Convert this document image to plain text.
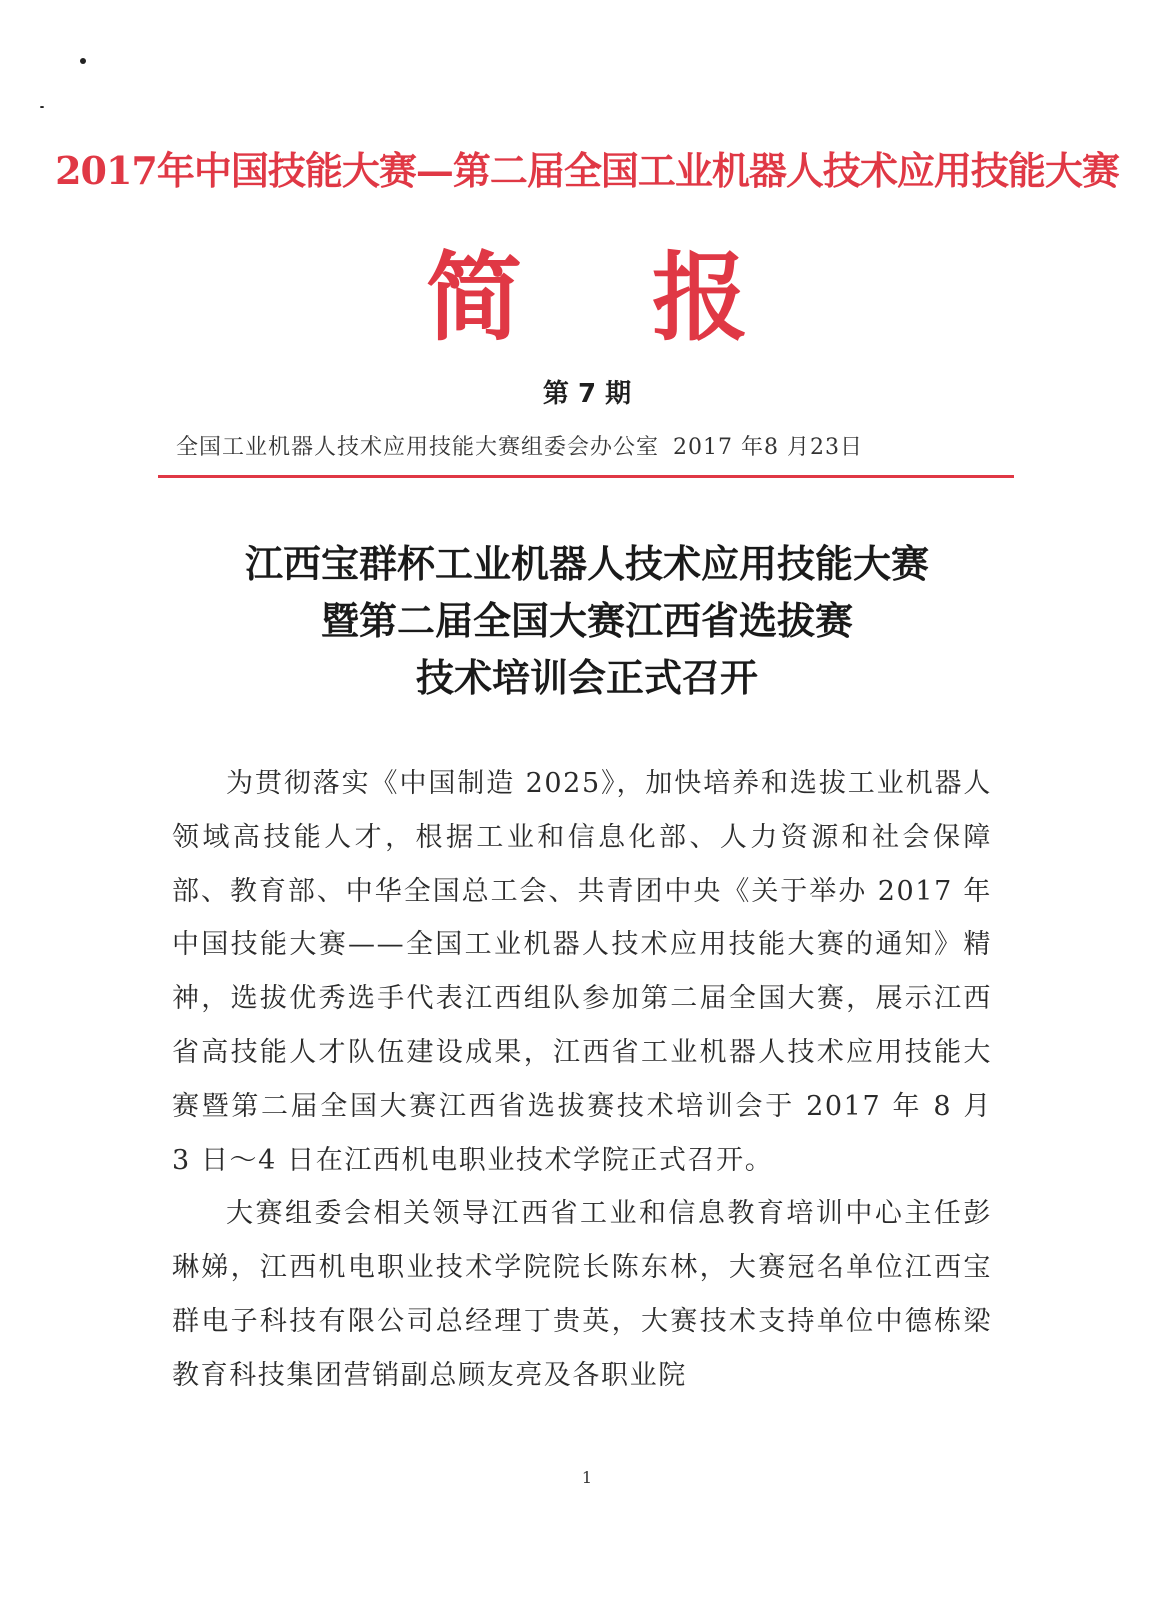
2017年中国技能大赛—第二届全国工业机器人技术应用技能大赛
简报
第 7 期
全国工业机器人技术应用技能大赛组委会办公室 2017 年8 月23日
江西宝群杯工业机器人技术应用技能大赛
暨第二届全国大赛江西省选拔赛
技术培训会正式召开

为贯彻落实《中国制造 2025》，加快培养和选拔工业机器人领域高技能人才，根据工业和信息化部、人力资源和社会保障部、教育部、中华全国总工会、共青团中央《关于举办 2017 年中国技能大赛——全国工业机器人技术应用技能大赛的通知》精神，选拔优秀选手代表江西组队参加第二届全国大赛，展示江西省高技能人才队伍建设成果，江西省工业机器人技术应用技能大赛暨第二届全国大赛江西省选拔赛技术培训会于 2017 年 8 月 3 日～4 日在江西机电职业技术学院正式召开。

大赛组委会相关领导江西省工业和信息教育培训中心主任彭琳娣，江西机电职业技术学院院长陈东林，大赛冠名单位江西宝群电子科技有限公司总经理丁贵英，大赛技术支持单位中德栋梁教育科技集团营销副总顾友亮及各职业院

1
